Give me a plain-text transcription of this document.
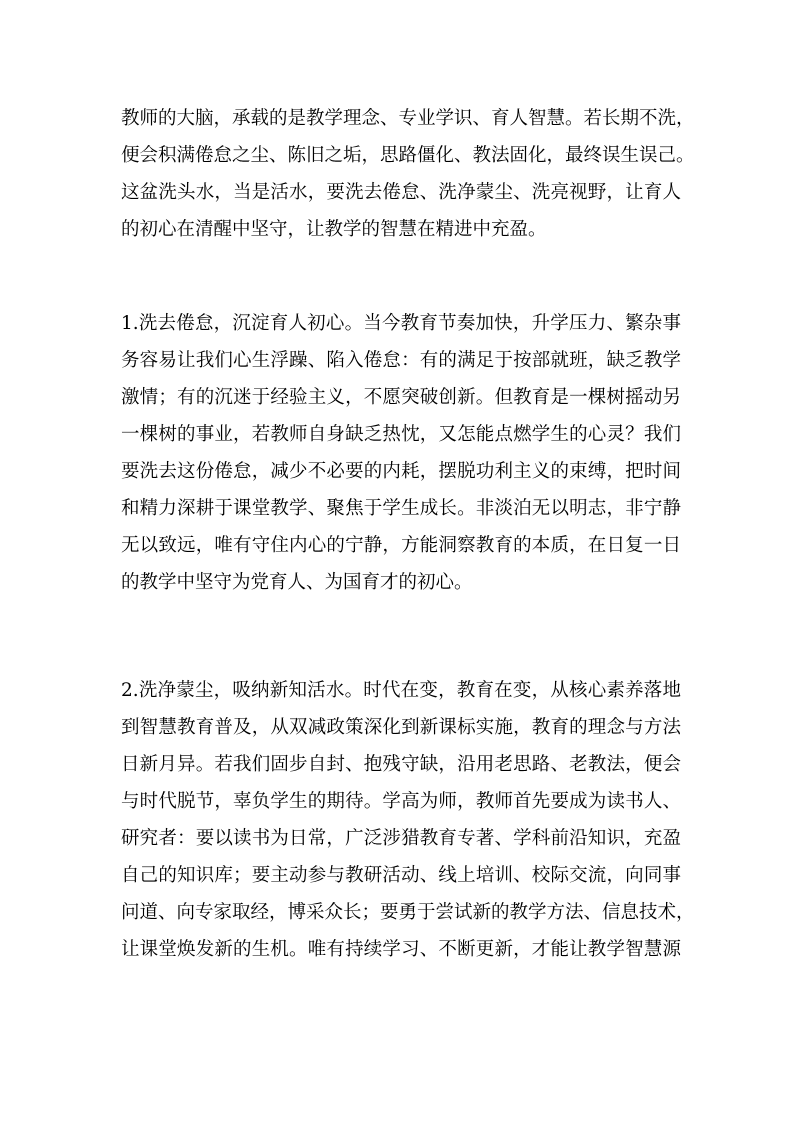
教师的大脑，承载的是教学理念、专业学识、育人智慧。若长期不洗，
便会积满倦怠之尘、陈旧之垢，思路僵化、教法固化，最终误生误己。
这盆洗头水，当是活水，要洗去倦怠、洗净蒙尘、洗亮视野，让育人
的初心在清醒中坚守，让教学的智慧在精进中充盈。
1.洗去倦怠，沉淀育人初心。当今教育节奏加快，升学压力、繁杂事
务容易让我们心生浮躁、陷入倦怠：有的满足于按部就班，缺乏教学
激情；有的沉迷于经验主义，不愿突破创新。但教育是一棵树摇动另
一棵树的事业，若教师自身缺乏热忱，又怎能点燃学生的心灵？我们
要洗去这份倦怠，减少不必要的内耗，摆脱功利主义的束缚，把时间
和精力深耕于课堂教学、聚焦于学生成长。非淡泊无以明志，非宁静
无以致远，唯有守住内心的宁静，方能洞察教育的本质，在日复一日
的教学中坚守为党育人、为国育才的初心。
2.洗净蒙尘，吸纳新知活水。时代在变，教育在变，从核心素养落地
到智慧教育普及，从双减政策深化到新课标实施，教育的理念与方法
日新月异。若我们固步自封、抱残守缺，沿用老思路、老教法，便会
与时代脱节，辜负学生的期待。学高为师，教师首先要成为读书人、
研究者：要以读书为日常，广泛涉猎教育专著、学科前沿知识，充盈
自己的知识库；要主动参与教研活动、线上培训、校际交流，向同事
问道、向专家取经，博采众长；要勇于尝试新的教学方法、信息技术，
让课堂焕发新的生机。唯有持续学习、不断更新，才能让教学智慧源
